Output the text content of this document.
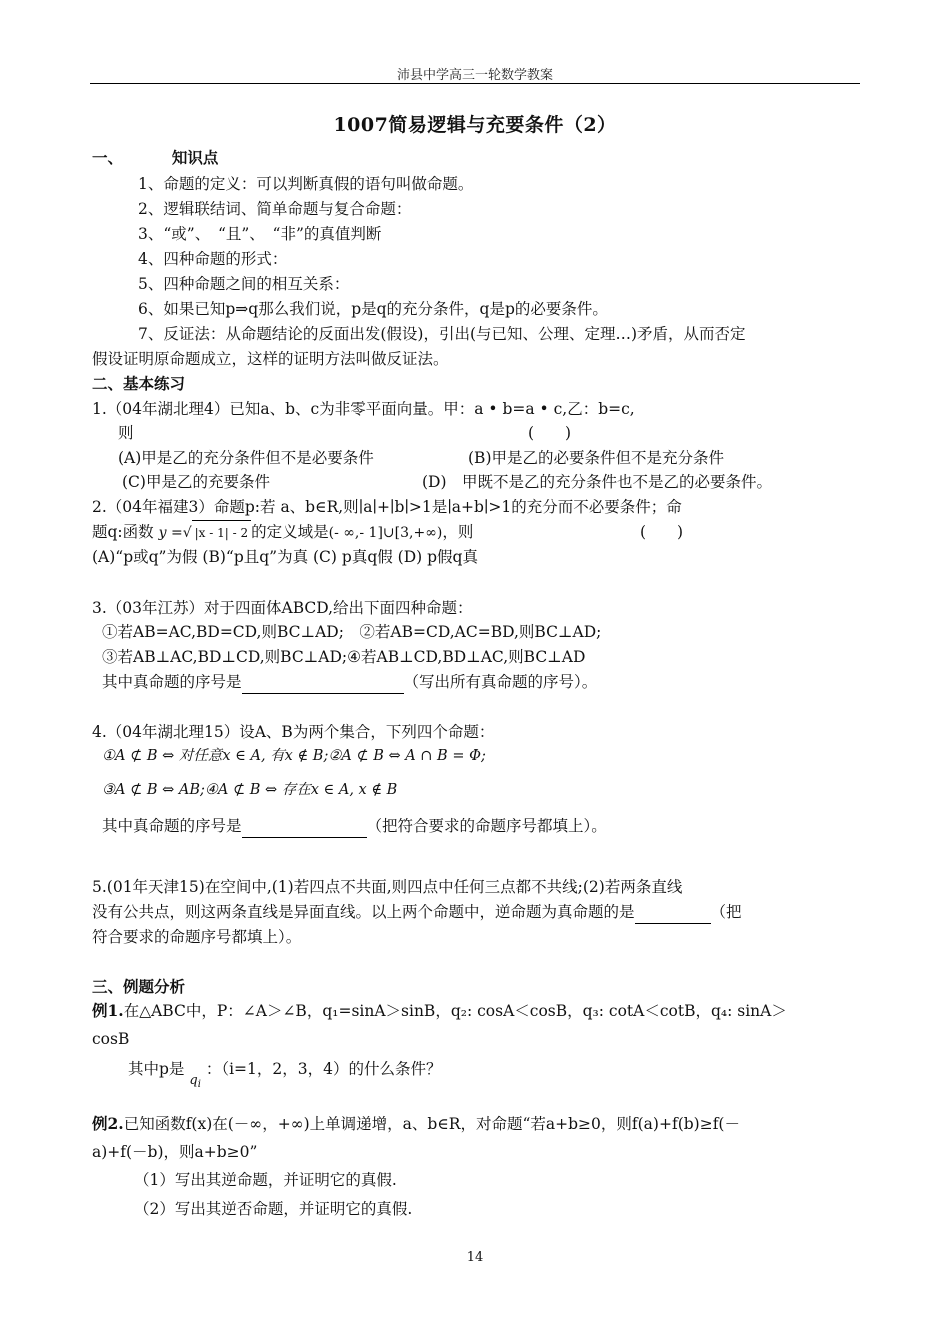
沛县中学高三一轮数学教案
1007简易逻辑与充要条件（2）
一、	知识点
1、命题的定义：可以判断真假的语句叫做命题。
2、逻辑联结词、简单命题与复合命题：
3、“或”、　“且”、　“非”的真值判断
4、四种命题的形式：
5、四种命题之间的相互关系：
6、如果已知p⇒q那么我们说，p是q的充分条件，q是p的必要条件。
7、反证法：从命题结论的反面出发(假设)，引出(与已知、公理、定理…)矛盾，从而否定
假设证明原命题成立，这样的证明方法叫做反证法。
二、基本练习
1.（04年湖北理4）已知a、b、c为非零平面向量。甲：a • b=a • c,乙：b=c,
则	(　　)
(A)甲是乙的充分条件但不是必要条件	(B)甲是乙的必要条件但不是充分条件
(C)甲是乙的充要条件	(D)　甲既不是乙的充分条件也不是乙的必要条件。
2.（04年福建3）命题p:若 a、b∈R,则∣a∣+∣b∣>1是∣a+b∣>1的充分而不必要条件；命
题q:函数 y =√ |x - 1| - 2 的定义域是(- ∞,- 1]∪[3,+∞)，则	(　　)
(A)“p或q”为假 (B)“p且q”为真 (C) p真q假 (D) p假q真
3.（03年江苏）对于四面体ABCD,给出下面四种命题：
①若AB=AC,BD=CD,则BC⊥AD;　②若AB=CD,AC=BD,则BC⊥AD;
③若AB⊥AC,BD⊥CD,则BC⊥AD;④若AB⊥CD,BD⊥AC,则BC⊥AD
其中真命题的序号是	（写出所有真命题的序号）。
4.（04年湖北理15）设A、B为两个集合，下列四个命题：
①A ⊄ B ⇔ 对任意x ∈ A, 有x ∉ B;②A ⊄ B ⇔ A ∩ B = Φ;
③A ⊄ B ⇔ AB;④A ⊄ B ⇔ 存在x ∈ A, x ∉ B
其中真命题的序号是	（把符合要求的命题序号都填上）。
5.(01年天津15)在空间中,(1)若四点不共面,则四点中任何三点都不共线;(2)若两条直线
没有公共点，则这两条直线是异面直线。以上两个命题中，逆命题为真命题的是	（把
符合要求的命题序号都填上）。
三、例题分析
例1.在△ABC中，P：∠A＞∠B，q₁=sinA＞sinB，q₂: cosA＜cosB，q₃: cotA＜cotB，q₄: sinA＞
cosB
其中p是 $_{q_i}$ ：（i=1，2，3，4）的什么条件？
例2.已知函数f(x)在(－∞，+∞)上单调递增，a、b∈R，对命题“若a+b≥0，则f(a)+f(b)≥f(－
a)+f(－b)，则a+b≥0”
（1）写出其逆命题，并证明它的真假.
（2）写出其逆否命题，并证明它的真假.
14
